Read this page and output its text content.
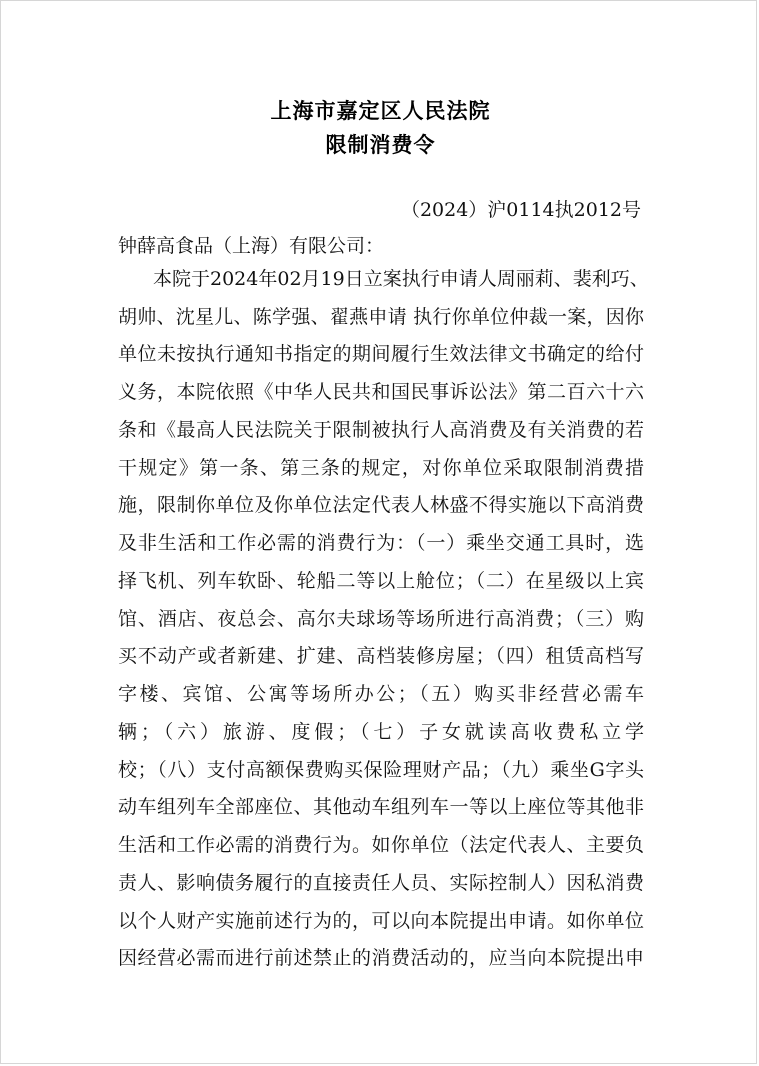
上海市嘉定区人民法院
限制消费令
（2024）沪0114执2012号
钟薛高食品（上海）有限公司：
本院于2024年02月19日立案执行申请人周丽莉、裴利巧、
胡帅、沈星儿、陈学强、翟燕申请 执行你单位仲裁一案，因你
单位未按执行通知书指定的期间履行生效法律文书确定的给付
义务，本院依照《中华人民共和国民事诉讼法》第二百六十六
条和《最高人民法院关于限制被执行人高消费及有关消费的若
干规定》第一条、第三条的规定，对你单位采取限制消费措
施，限制你单位及你单位法定代表人林盛不得实施以下高消费
及非生活和工作必需的消费行为：（一）乘坐交通工具时，选
择飞机、列车软卧、轮船二等以上舱位；（二）在星级以上宾
馆、酒店、夜总会、高尔夫球场等场所进行高消费；（三）购
买不动产或者新建、扩建、高档装修房屋；（四）租赁高档写
字楼、宾馆、公寓等场所办公；（五）购买非经营必需车
辆；（六）旅游、度假；（七）子女就读高收费私立学
校；（八）支付高额保费购买保险理财产品；（九）乘坐G字头
动车组列车全部座位、其他动车组列车一等以上座位等其他非
生活和工作必需的消费行为。如你单位（法定代表人、主要负
责人、影响债务履行的直接责任人员、实际控制人）因私消费
以个人财产实施前述行为的，可以向本院提出申请。如你单位
因经营必需而进行前述禁止的消费活动的，应当向本院提出申
